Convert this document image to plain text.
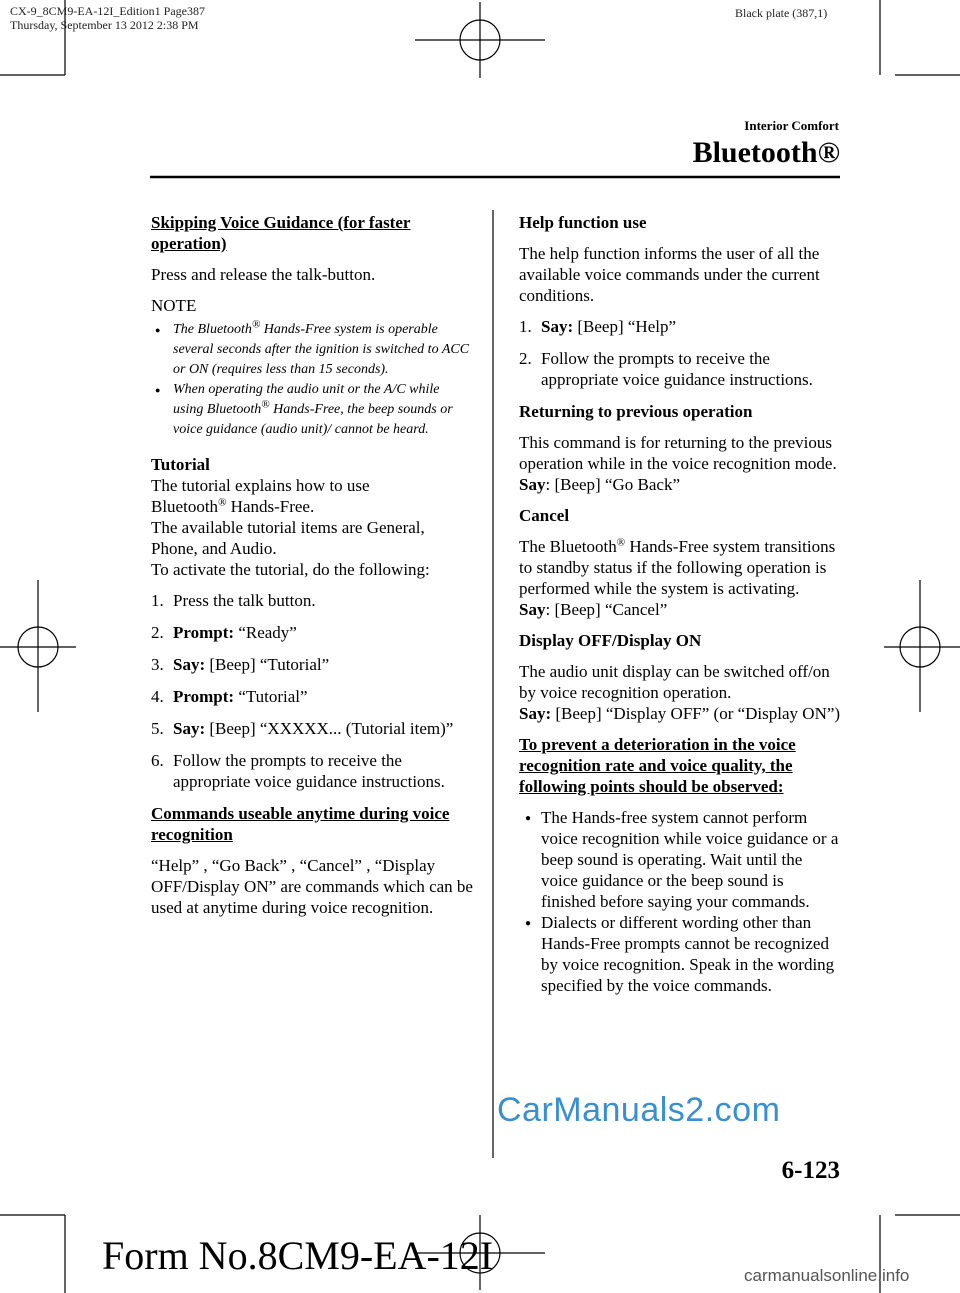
CX-9_8CM9-EA-12I_Edition1 Page387
Thursday, September 13 2012 2:38 PM
Black plate (387,1)
Interior Comfort
Bluetooth®

Skipping Voice Guidance (for faster operation)

Press and release the talk-button.

NOTE
● The Bluetooth® Hands-Free system is operable several seconds after the ignition is switched to ACC or ON (requires less than 15 seconds).
● When operating the audio unit or the A/C while using Bluetooth® Hands-Free, the beep sounds or voice guidance (audio unit)/ cannot be heard.
Tutorial
The tutorial explains how to use
Bluetooth® Hands-Free.
The available tutorial items are General, Phone, and Audio.

To activate the tutorial, do the following:

1. Press the talk button.
2. Prompt: “Ready”
3. Say: [Beep] “Tutorial”
4. Prompt: “Tutorial”
5. Say: [Beep] “XXXXX... (Tutorial item)”
6. Follow the prompts to receive the appropriate voice guidance instructions.

Commands useable anytime during voice recognition

“Help” , “Go Back” , “Cancel” , “Display OFF/Display ON” are commands which can be used at anytime during voice recognition.

Help function use

The help function informs the user of all the available voice commands under the current conditions.

1. Say: [Beep] “Help”
2. Follow the prompts to receive the appropriate voice guidance instructions.

Returning to previous operation

This command is for returning to the previous operation while in the voice recognition mode.

Say: [Beep] “Go Back”

Cancel

The Bluetooth® Hands-Free system transitions to standby status if the following operation is performed while the system is activating.

Say: [Beep] “Cancel”

Display OFF/Display ON

The audio unit display can be switched off/on by voice recognition operation.

Say: [Beep] “Display OFF” (or “Display ON”)

To prevent a deterioration in the voice recognition rate and voice quality, the following points should be observed:

● The Hands-free system cannot perform voice recognition while voice guidance or a beep sound is operating. Wait until the voice guidance or the beep sound is finished before saying your commands.
● Dialects or different wording other than Hands-Free prompts cannot be recognized by voice recognition. Speak in the wording specified by the voice commands.
CarManuals2.com
6-123
Form No.8CM9-EA-12I	carmanualsonline.info
